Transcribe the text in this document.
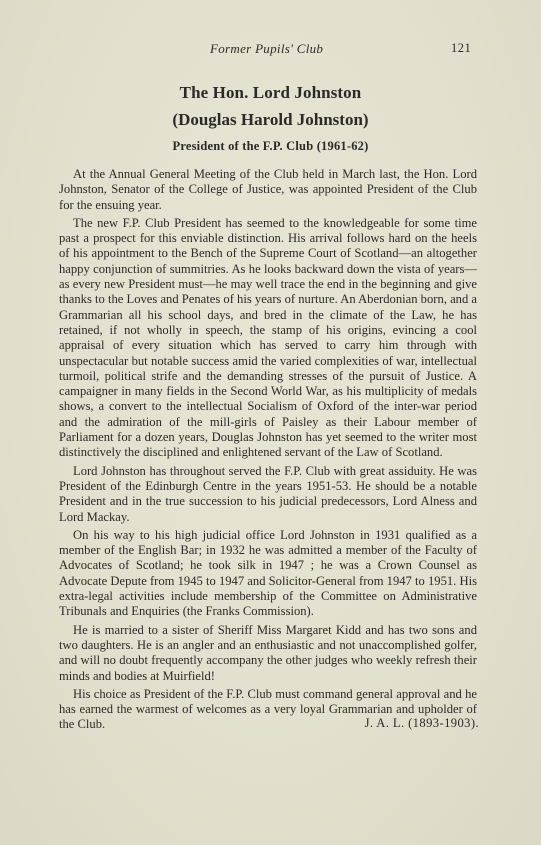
Former Pupils' Club	121
The Hon. Lord Johnston
(Douglas Harold Johnston)
President of the F.P. Club (1961-62)

At the Annual General Meeting of the Club held in March last, the Hon. Lord Johnston, Senator of the College of Justice, was appointed President of the Club for the ensuing year.

The new F.P. Club President has seemed to the knowledgeable for some time past a prospect for this enviable distinction. His arrival follows hard on the heels of his appointment to the Bench of the Supreme Court of Scotland—an altogether happy conjunction of summitries. As he looks backward down the vista of years—as every new President must—he may well trace the end in the beginning and give thanks to the Loves and Penates of his years of nurture. An Aberdonian born, and a Grammarian all his school days, and bred in the climate of the Law, he has retained, if not wholly in speech, the stamp of his origins, evincing a cool appraisal of every situation which has served to carry him through with unspectacular but notable success amid the varied complexities of war, intellectual turmoil, political strife and the demanding stresses of the pursuit of Justice. A campaigner in many fields in the Second World War, as his multiplicity of medals shows, a convert to the intellectual Socialism of Oxford of the inter-war period and the admiration of the mill-girls of Paisley as their Labour member of Parliament for a dozen years, Douglas Johnston has yet seemed to the writer most distinctively the disciplined and enlightened servant of the Law of Scotland.

Lord Johnston has throughout served the F.P. Club with great assiduity. He was President of the Edinburgh Centre in the years 1951-53. He should be a notable President and in the true succession to his judicial predecessors, Lord Alness and Lord Mackay.

On his way to his high judicial office Lord Johnston in 1931 qualified as a member of the English Bar; in 1932 he was admitted a member of the Faculty of Advocates of Scotland; he took silk in 1947 ; he was a Crown Counsel as Advocate Depute from 1945 to 1947 and Solicitor-General from 1947 to 1951. His extra-legal activities include membership of the Committee on Administrative Tribunals and Enquiries (the Franks Commission).

He is married to a sister of Sheriff Miss Margaret Kidd and has two sons and two daughters. He is an angler and an enthusiastic and not unaccomplished golfer, and will no doubt frequently accompany the other judges who weekly refresh their minds and bodies at Muirfield!

His choice as President of the F.P. Club must command general approval and he has earned the warmest of welcomes as a very loyal Grammarian and upholder of the Club.	J. A. L. (1893-1903).
